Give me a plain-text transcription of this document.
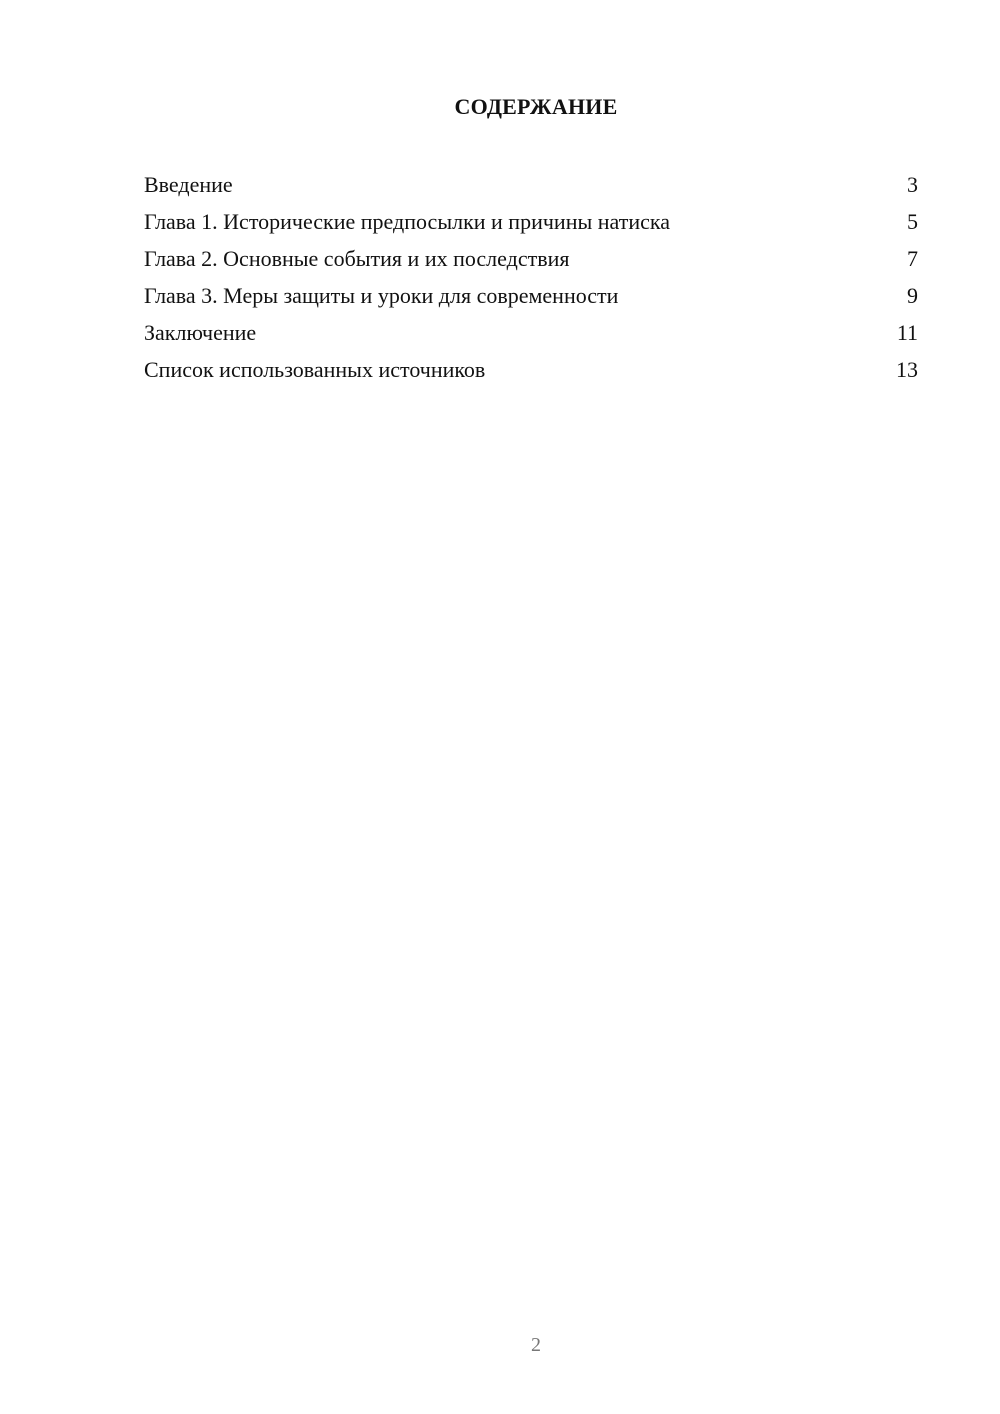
СОДЕРЖАНИЕ
Введение	3
Глава 1. Исторические предпосылки и причины натиска	5
Глава 2. Основные события и их последствия	7
Глава 3. Меры защиты и уроки для современности	9
Заключение	11
Список использованных источников	13
2
